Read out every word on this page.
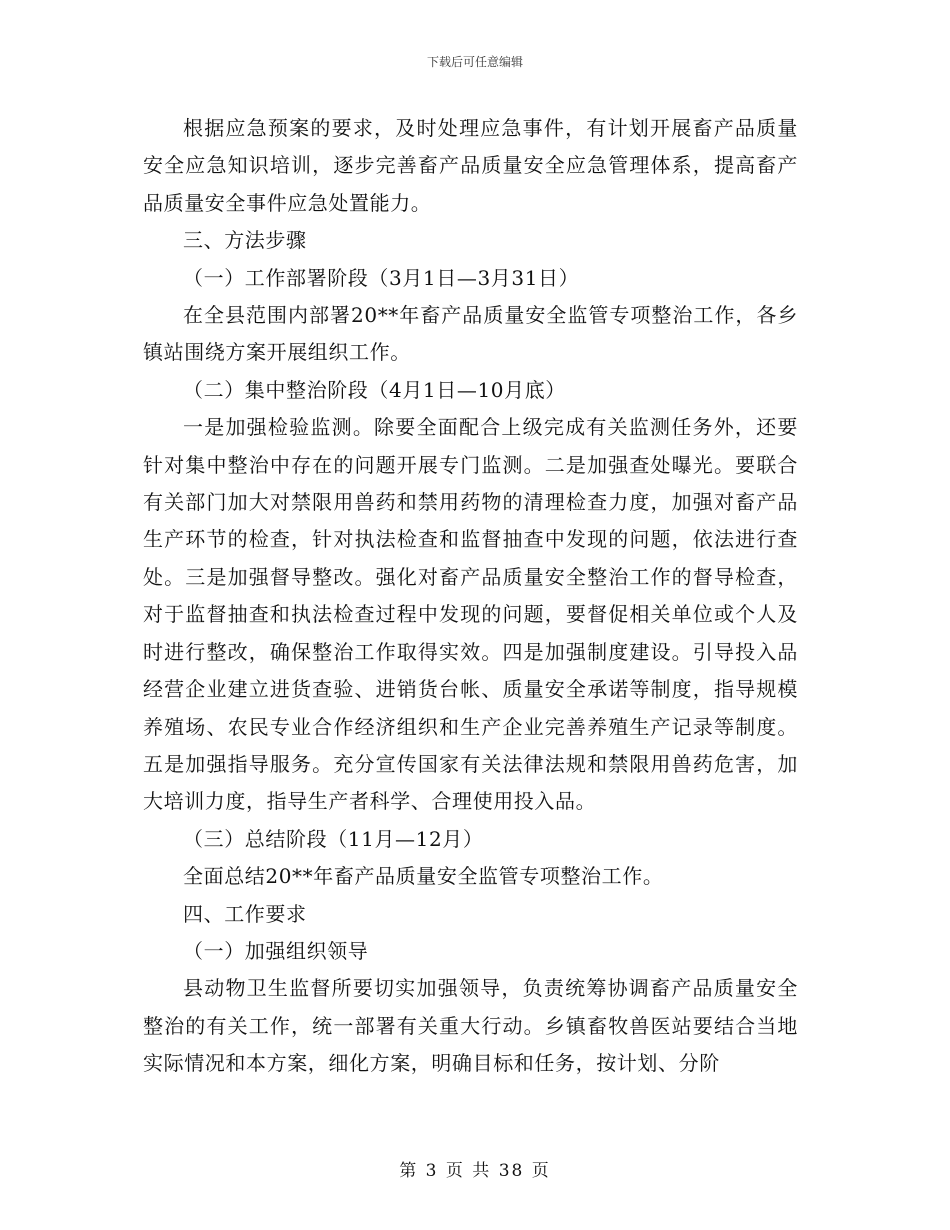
下载后可任意编辑

根据应急预案的要求，及时处理应急事件，有计划开展畜产品质量安全应急知识培训，逐步完善畜产品质量安全应急管理体系，提高畜产品质量安全事件应急处置能力。

三、方法步骤

（一）工作部署阶段（3月1日—3月31日）

在全县范围内部署20**年畜产品质量安全监管专项整治工作，各乡镇站围绕方案开展组织工作。

（二）集中整治阶段（4月1日—10月底）

一是加强检验监测。除要全面配合上级完成有关监测任务外，还要针对集中整治中存在的问题开展专门监测。二是加强查处曝光。要联合有关部门加大对禁限用兽药和禁用药物的清理检查力度，加强对畜产品生产环节的检查，针对执法检查和监督抽查中发现的问题，依法进行查处。三是加强督导整改。强化对畜产品质量安全整治工作的督导检查，对于监督抽查和执法检查过程中发现的问题，要督促相关单位或个人及时进行整改，确保整治工作取得实效。四是加强制度建设。引导投入品经营企业建立进货查验、进销货台帐、质量安全承诺等制度，指导规模养殖场、农民专业合作经济组织和生产企业完善养殖生产记录等制度。五是加强指导服务。充分宣传国家有关法律法规和禁限用兽药危害，加大培训力度，指导生产者科学、合理使用投入品。

（三）总结阶段（11月—12月）

全面总结20**年畜产品质量安全监管专项整治工作。

四、工作要求

（一）加强组织领导

县动物卫生监督所要切实加强领导，负责统筹协调畜产品质量安全整治的有关工作，统一部署有关重大行动。乡镇畜牧兽医站要结合当地实际情况和本方案，细化方案，明确目标和任务，按计划、分阶

第 3 页 共 38 页
